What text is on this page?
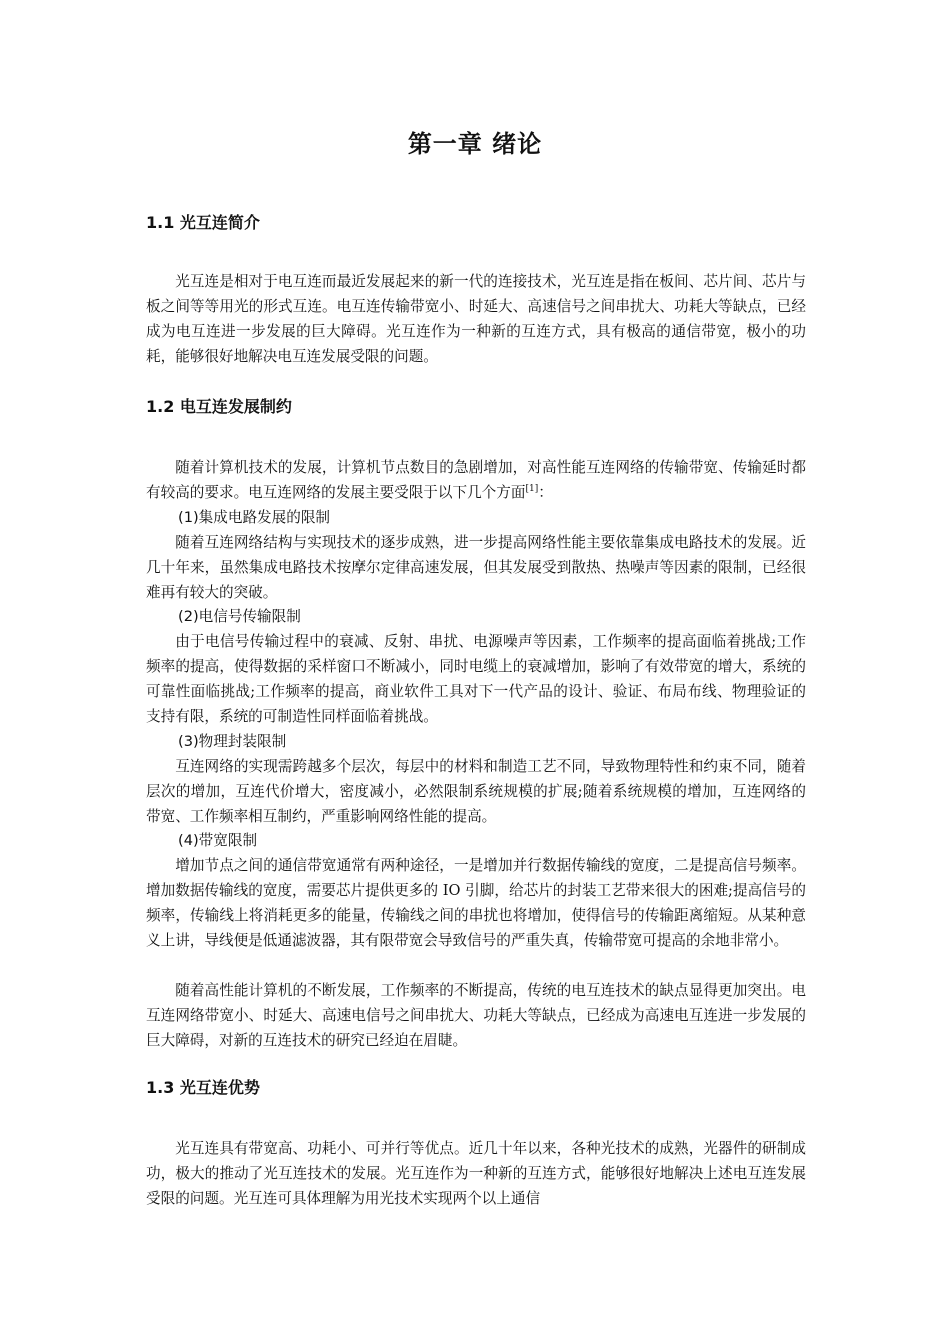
第一章 绪论
1.1 光互连简介

光互连是相对于电互连而最近发展起来的新一代的连接技术，光互连是指在板间、芯片间、芯片与板之间等等用光的形式互连。电互连传输带宽小、时延大、高速信号之间串扰大、功耗大等缺点，已经成为电互连进一步发展的巨大障碍。光互连作为一种新的互连方式，具有极高的通信带宽，极小的功耗，能够很好地解决电互连发展受限的问题。

1.2 电互连发展制约

随着计算机技术的发展，计算机节点数目的急剧增加，对高性能互连网络的传输带宽、传输延时都有较高的要求。电互连网络的发展主要受限于以下几个方面[1]：

(1)集成电路发展的限制

随着互连网络结构与实现技术的逐步成熟，进一步提高网络性能主要依靠集成电路技术的发展。近几十年来，虽然集成电路技术按摩尔定律高速发展，但其发展受到散热、热噪声等因素的限制，已经很难再有较大的突破。

(2)电信号传输限制

由于电信号传输过程中的衰减、反射、串扰、电源噪声等因素，工作频率的提高面临着挑战;工作频率的提高，使得数据的采样窗口不断减小，同时电缆上的衰减增加，影响了有效带宽的增大，系统的可靠性面临挑战;工作频率的提高，商业软件工具对下一代产品的设计、验证、布局布线、物理验证的支持有限，系统的可制造性同样面临着挑战。

(3)物理封装限制

互连网络的实现需跨越多个层次，每层中的材料和制造工艺不同，导致物理特性和约束不同，随着层次的增加，互连代价增大，密度减小，必然限制系统规模的扩展;随着系统规模的增加，互连网络的带宽、工作频率相互制约，严重影响网络性能的提高。

(4)带宽限制

增加节点之间的通信带宽通常有两种途径，一是增加并行数据传输线的宽度，二是提高信号频率。增加数据传输线的宽度，需要芯片提供更多的 IO 引脚，给芯片的封装工艺带来很大的困难;提高信号的频率，传输线上将消耗更多的能量，传输线之间的串扰也将增加，使得信号的传输距离缩短。从某种意义上讲，导线便是低通滤波器，其有限带宽会导致信号的严重失真，传输带宽可提高的余地非常小。

随着高性能计算机的不断发展，工作频率的不断提高，传统的电互连技术的缺点显得更加突出。电互连网络带宽小、时延大、高速电信号之间串扰大、功耗大等缺点，已经成为高速电互连进一步发展的巨大障碍，对新的互连技术的研究已经迫在眉睫。

1.3 光互连优势

光互连具有带宽高、功耗小、可并行等优点。近几十年以来，各种光技术的成熟，光器件的研制成功，极大的推动了光互连技术的发展。光互连作为一种新的互连方式，能够很好地解决上述电互连发展受限的问题。光互连可具体理解为用光技术实现两个以上通信
